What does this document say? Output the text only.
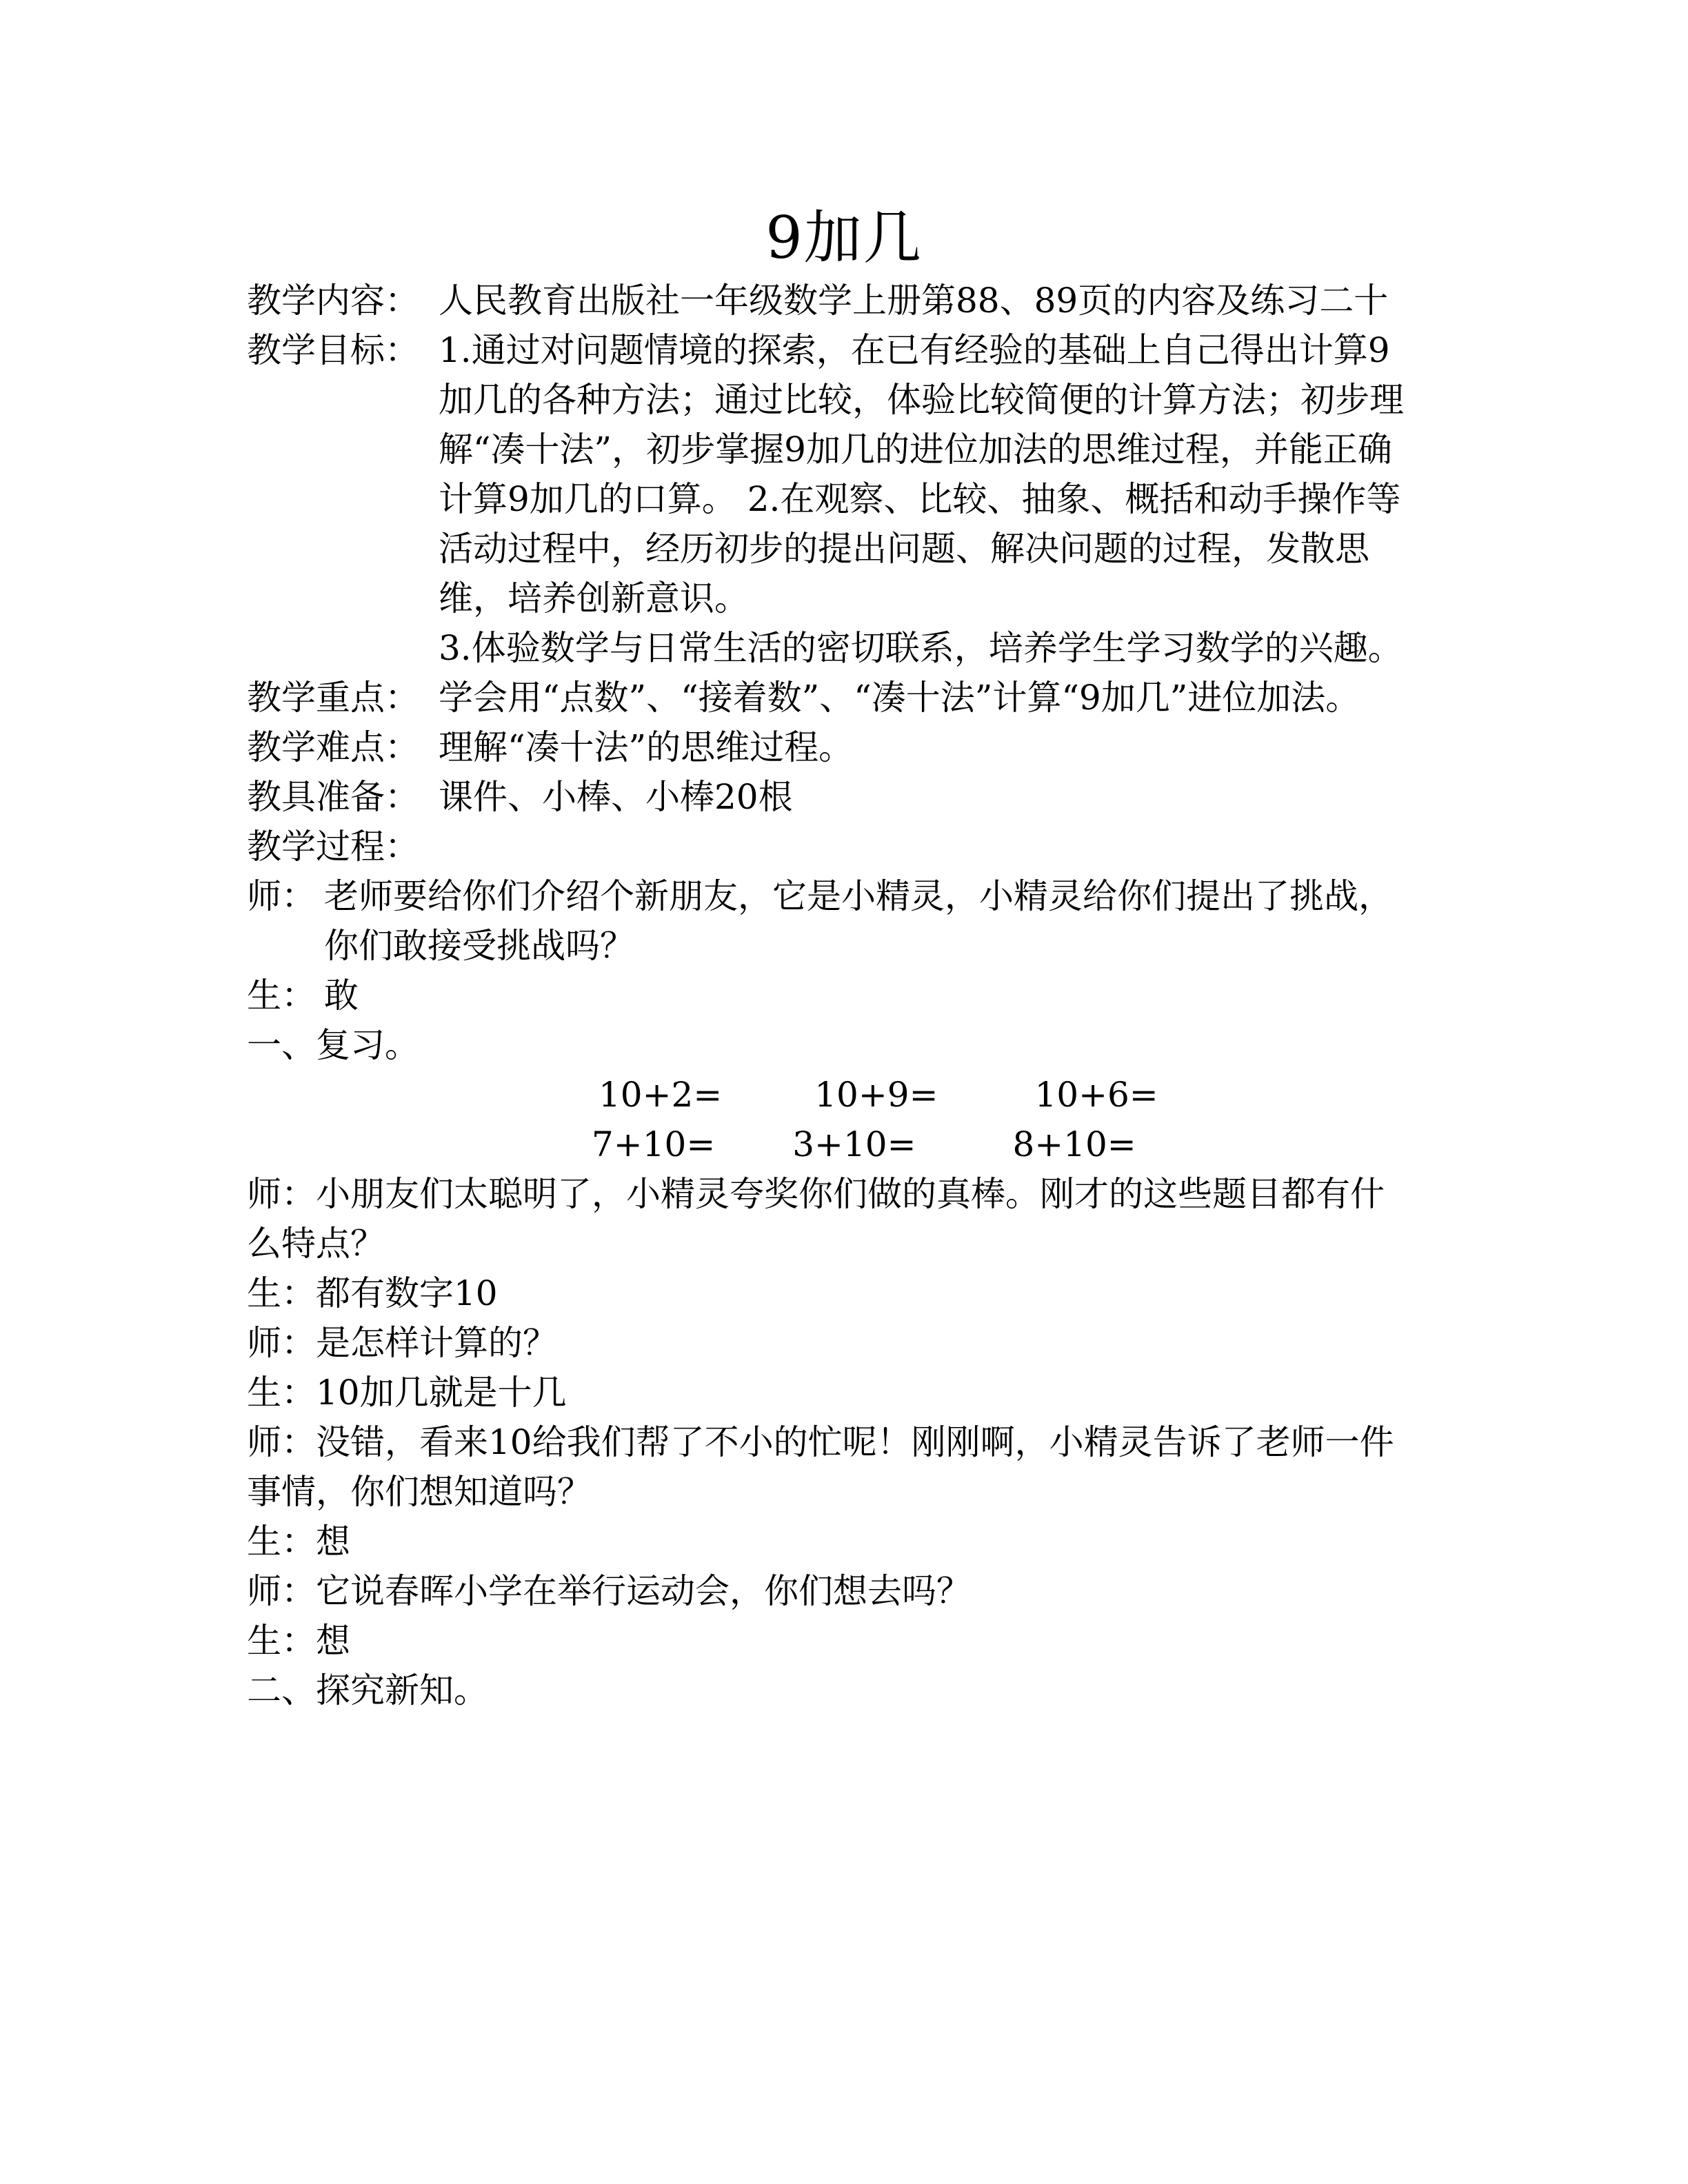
9加几
教学内容： 人民教育出版社一年级数学上册第88、89页的内容及练习二十
教学目标： 1.通过对问题情境的探索，在已有经验的基础上自己得出计算9加几的各种方法；通过比较，体验比较简便的计算方法；初步理解“凑十法”，初步掌握9加几的进位加法的思维过程，并能正确计算9加几的口算。 2.在观察、比较、抽象、概括和动手操作等活动过程中，经历初步的提出问题、解决问题的过程，发散思维，培养创新意识。
3.体验数学与日常生活的密切联系，培养学生学习数学的兴趣。
教学重点： 学会用“点数”、“接着数”、“凑十法”计算“9加几”进位加法。
教学难点： 理解“凑十法”的思维过程。
教具准备： 课件、小棒、小棒20根
教学过程：
师： 老师要给你们介绍个新朋友，它是小精灵，小精灵给你们提出了挑战，你们敢接受挑战吗？
生： 敢
一、复习。
10+2=	10+9=	10+6=
7+10= 3+10=	8+10=
师：小朋友们太聪明了，小精灵夸奖你们做的真棒。刚才的这些题目都有什么特点？
生：都有数字10
师：是怎样计算的？
生：10加几就是十几
师：没错，看来10给我们帮了不小的忙呢！刚刚啊，小精灵告诉了老师一件事情，你们想知道吗？
生：想
师：它说春晖小学在举行运动会，你们想去吗？
生：想
二、探究新知。
